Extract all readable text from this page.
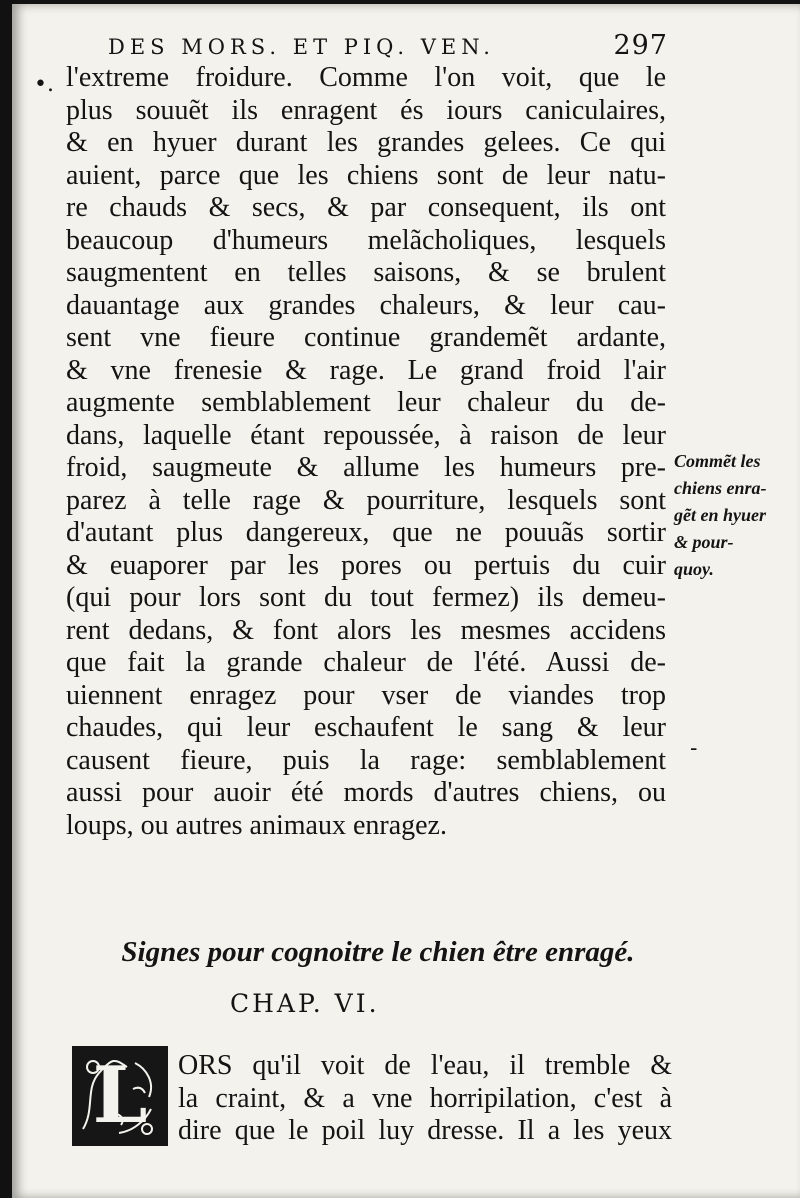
DES MORS. ET PIQ. VEN.	297
•. l'extreme froidure. Comme l'on voit, que le
plus souuẽt ils enragent és iours caniculaires,
& en hyuer durant les grandes gelees. Ce qui
auient, parce que les chiens sont de leur natu-
re chauds & secs, & par consequent, ils ont
beaucoup d'humeurs melãcholiques, lesquels
saugmentent en telles saisons, & se brulent
dauantage aux grandes chaleurs, & leur cau-
sent vne fieure continue grandemẽt ardante,
& vne frenesie & rage. Le grand froid l'air
augmente semblablement leur chaleur du de-
dans, laquelle étant repoussée, à raison de leur
froid, saugmeute & allume les humeurs pre-
parez à telle rage & pourriture, lesquels sont
d'autant plus dangereux, que ne pouuãs sortir
& euaporer par les pores ou pertuis du cuir
(qui pour lors sont du tout fermez) ils demeu-
rent dedans, & font alors les mesmes accidens
que fait la grande chaleur de l'été. Aussi de-
uiennent enragez pour vser de viandes trop
chaudes, qui leur eschaufent le sang & leur
causent fieure, puis la rage: semblablement
aussi pour auoir été mords d'autres chiens, ou
loups, ou autres animaux enragez.

Commẽt les
chiens enra-
gẽt en hyuer
& pour-
quoy.
-
Signes pour cognoitre le chien être enragé.
CHAP. VI.
L ORS qu'il voit de l'eau, il tremble &
la craint, & a vne horripilation, c'est à
dire que le poil luy dresse. Il a les yeux
